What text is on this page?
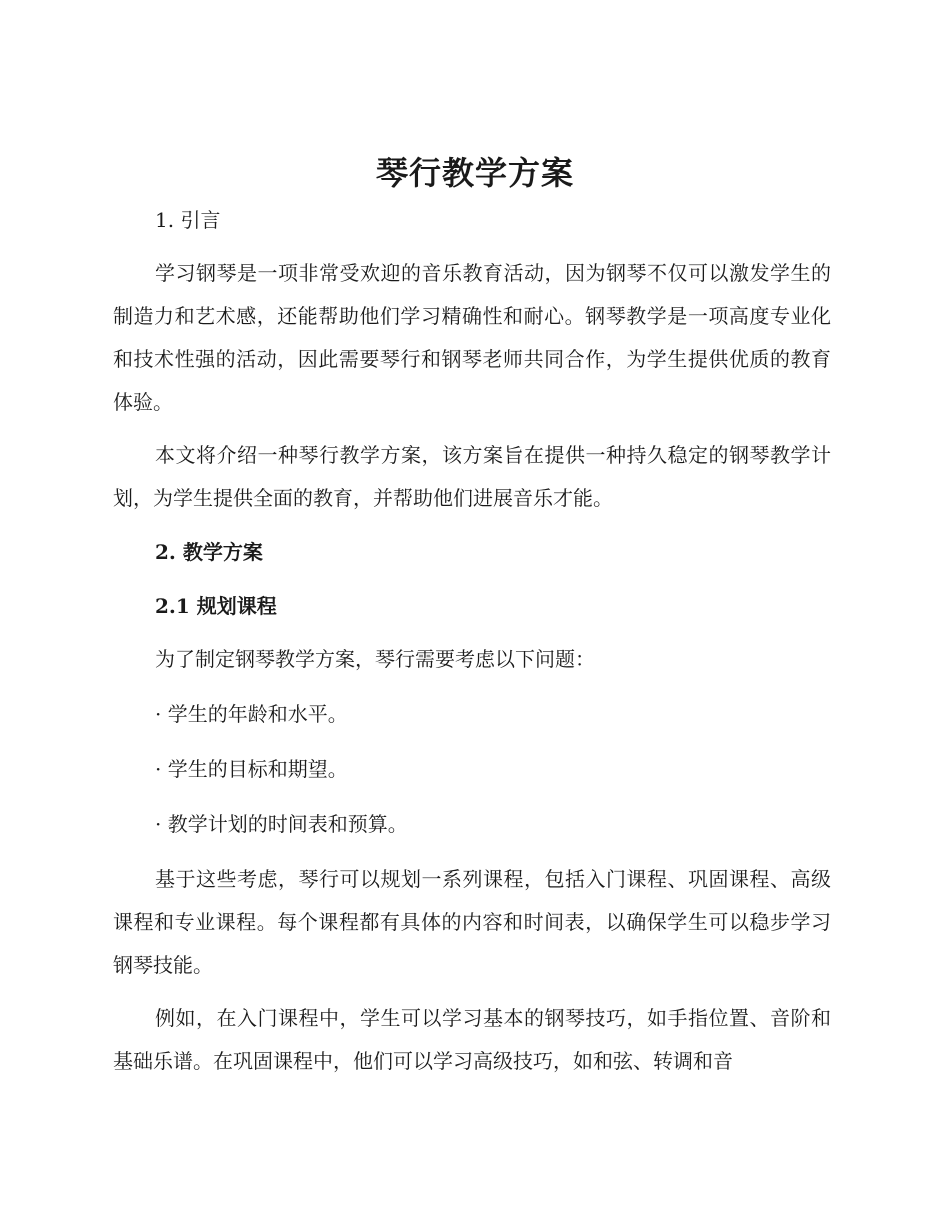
琴行教学方案
1. 引言
学习钢琴是一项非常受欢迎的音乐教育活动，因为钢琴不仅可以激发学生的制造力和艺术感，还能帮助他们学习精确性和耐心。钢琴教学是一项高度专业化和技术性强的活动，因此需要琴行和钢琴老师共同合作，为学生提供优质的教育体验。
本文将介绍一种琴行教学方案，该方案旨在提供一种持久稳定的钢琴教学计划，为学生提供全面的教育，并帮助他们进展音乐才能。
2. 教学方案
2.1 规划课程
为了制定钢琴教学方案，琴行需要考虑以下问题：
· 学生的年龄和水平。
· 学生的目标和期望。
· 教学计划的时间表和预算。
基于这些考虑，琴行可以规划一系列课程，包括入门课程、巩固课程、高级课程和专业课程。每个课程都有具体的内容和时间表，以确保学生可以稳步学习钢琴技能。
例如，在入门课程中，学生可以学习基本的钢琴技巧，如手指位置、音阶和基础乐谱。在巩固课程中，他们可以学习高级技巧，如和弦、转调和音
